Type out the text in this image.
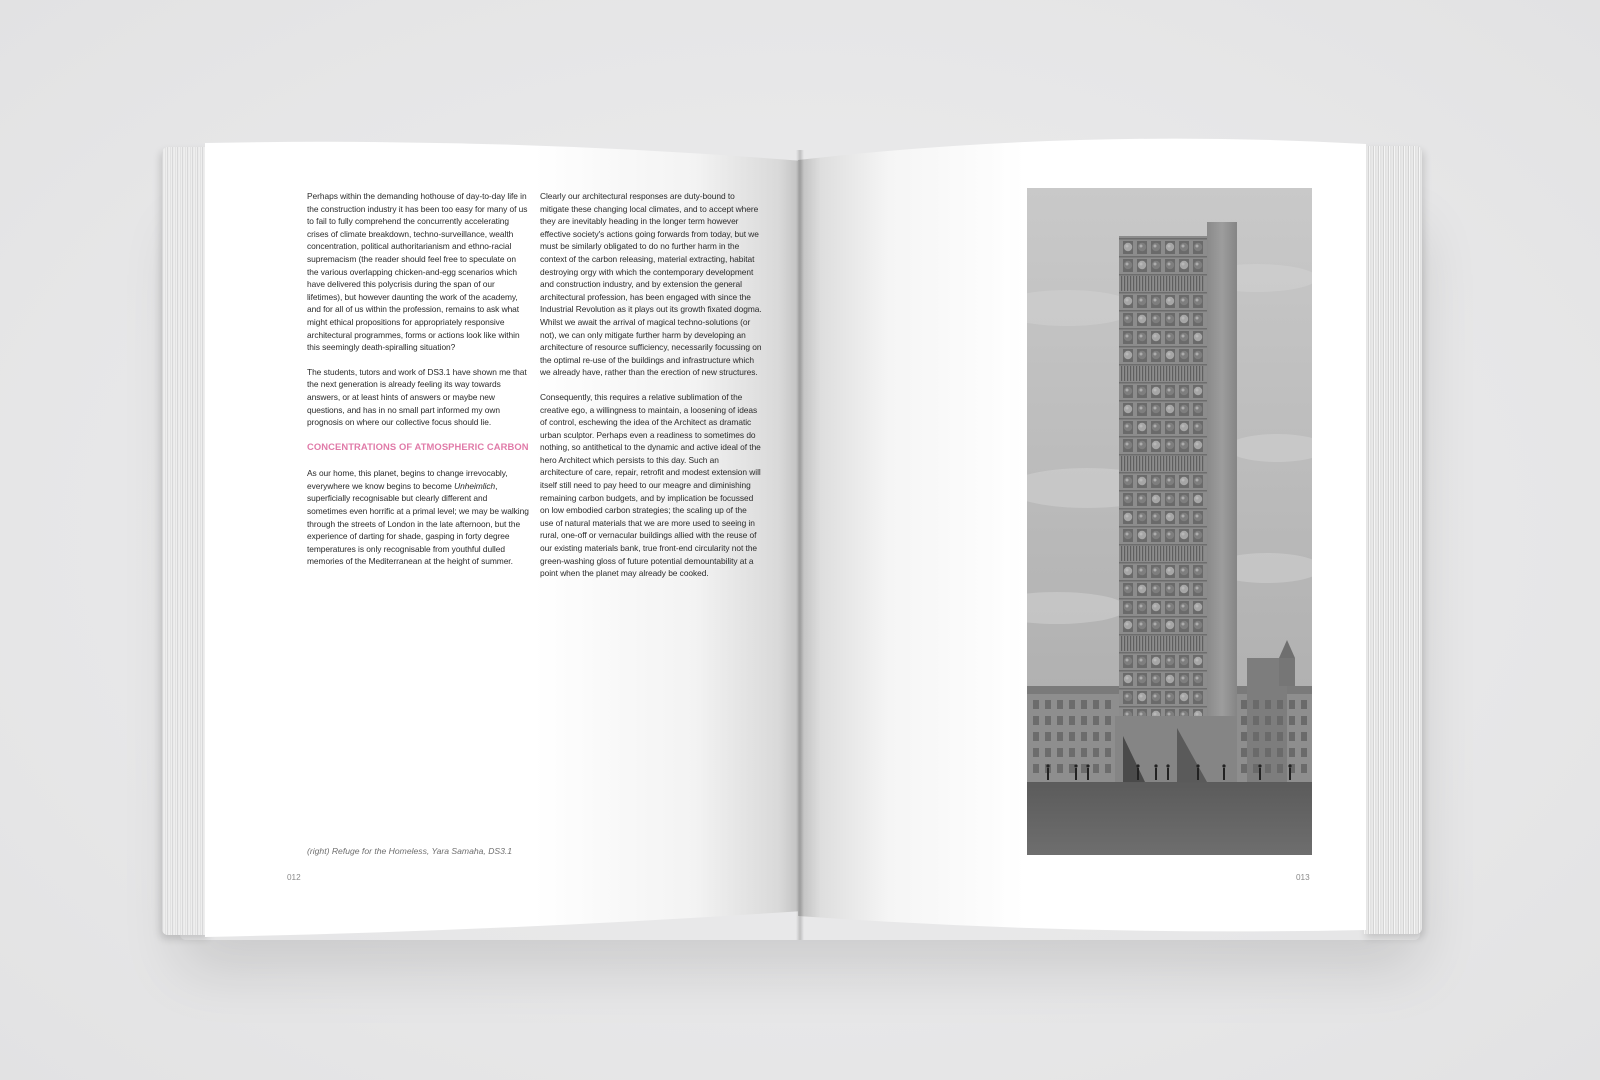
Perhaps within the demanding hothouse of day-to-day life in the construction industry it has been too easy for many of us to fail to fully comprehend the concurrently accelerating crises of climate breakdown, techno-surveillance, wealth concentration, political authoritarianism and ethno-racial supremacism (the reader should feel free to speculate on the various overlapping chicken-and-egg scenarios which have delivered this polycrisis during the span of our lifetimes), but however daunting the work of the academy, and for all of us within the profession, remains to ask what might ethical propositions for appropriately responsive architectural programmes, forms or actions look like within this seemingly death-spiralling situation?

The students, tutors and work of DS3.1 have shown me that the next generation is already feeling its way towards answers, or at least hints of answers or maybe new questions, and has in no small part informed my own prognosis on where our collective focus should lie.

CONCENTRATIONS OF ATMOSPHERIC CARBON

As our home, this planet, begins to change irrevocably, everywhere we know begins to become Unheimlich, superficially recognisable but clearly different and sometimes even horrific at a primal level; we may be walking through the streets of London in the late afternoon, but the experience of darting for shade, gasping in forty degree temperatures is only recognisable from youthful dulled memories of the Mediterranean at the height of summer.

Clearly our architectural responses are duty-bound to mitigate these changing local climates, and to accept where they are inevitably heading in the longer term however effective society's actions going forwards from today, but we must be similarly obligated to do no further harm in the context of the carbon releasing, material extracting, habitat destroying orgy with which the contemporary development and construction industry, and by extension the general architectural profession, has been engaged with since the Industrial Revolution as it plays out its growth fixated dogma. Whilst we await the arrival of magical techno-solutions (or not), we can only mitigate further harm by developing an architecture of resource sufficiency, necessarily focussing on the optimal re-use of the buildings and infrastructure which we already have, rather than the erection of new structures.

Consequently, this requires a relative sublimation of the creative ego, a willingness to maintain, a loosening of ideas of control, eschewing the idea of the Architect as dramatic urban sculptor. Perhaps even a readiness to sometimes do nothing, so antithetical to the dynamic and active ideal of the hero Architect which persists to this day. Such an architecture of care, repair, retrofit and modest extension will itself still need to pay heed to our meagre and diminishing remaining carbon budgets, and by implication be focussed on low embodied carbon strategies; the scaling up of the use of natural materials that we are more used to seeing in rural, one-off or vernacular buildings allied with the reuse of our existing materials bank, true front-end circularity not the green-washing gloss of future potential demountability at a point when the planet may already be cooked.

(right) Refuge for the Homeless, Yara Samaha, DS3.1
012	013
